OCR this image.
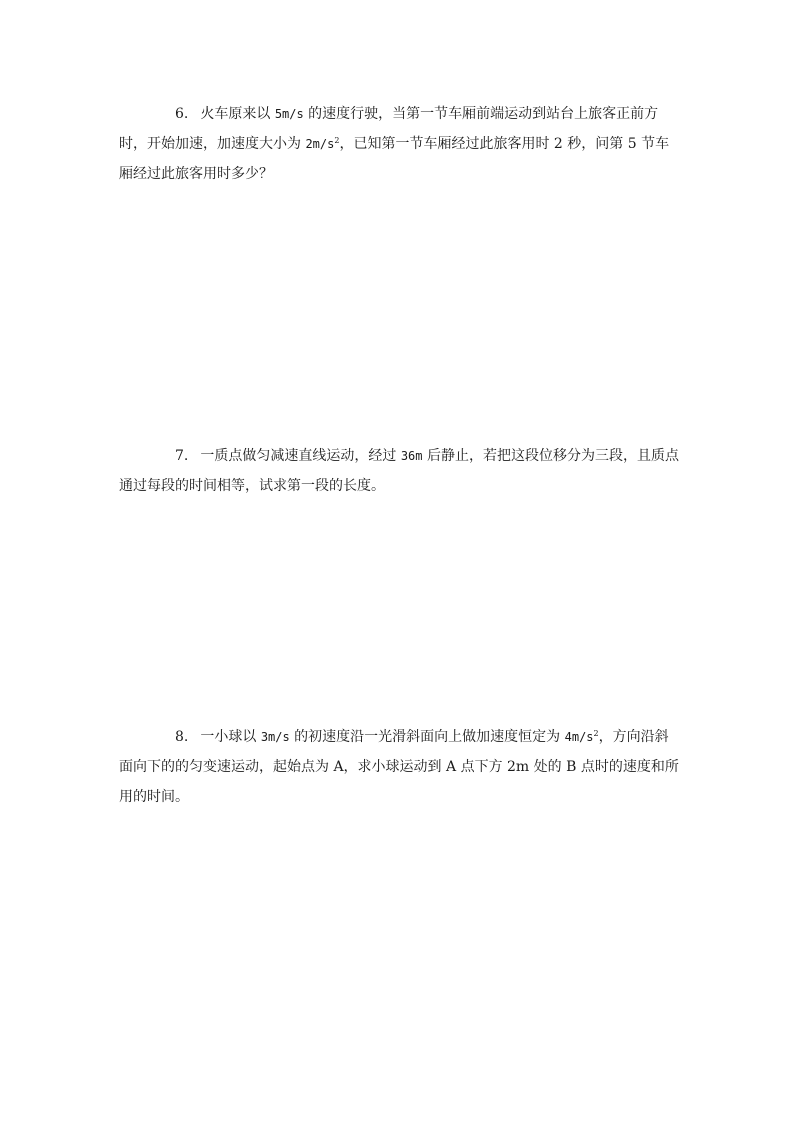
6. 火车原来以 5m/s 的速度行驶，当第一节车厢前端运动到站台上旅客正前方时，开始加速，加速度大小为 $2m/s^2$，已知第一节车厢经过此旅客用时 2 秒，问第 5 节车厢经过此旅客用时多少？

7. 一质点做匀减速直线运动，经过 36m 后静止，若把这段位移分为三段，且质点通过每段的时间相等，试求第一段的长度。

8. 一小球以 3m/s 的初速度沿一光滑斜面向上做加速度恒定为 $4m/s^2$，方向沿斜面向下的的匀变速运动，起始点为 A，求小球运动到 A 点下方 2m 处的 B 点时的速度和所用的时间。
